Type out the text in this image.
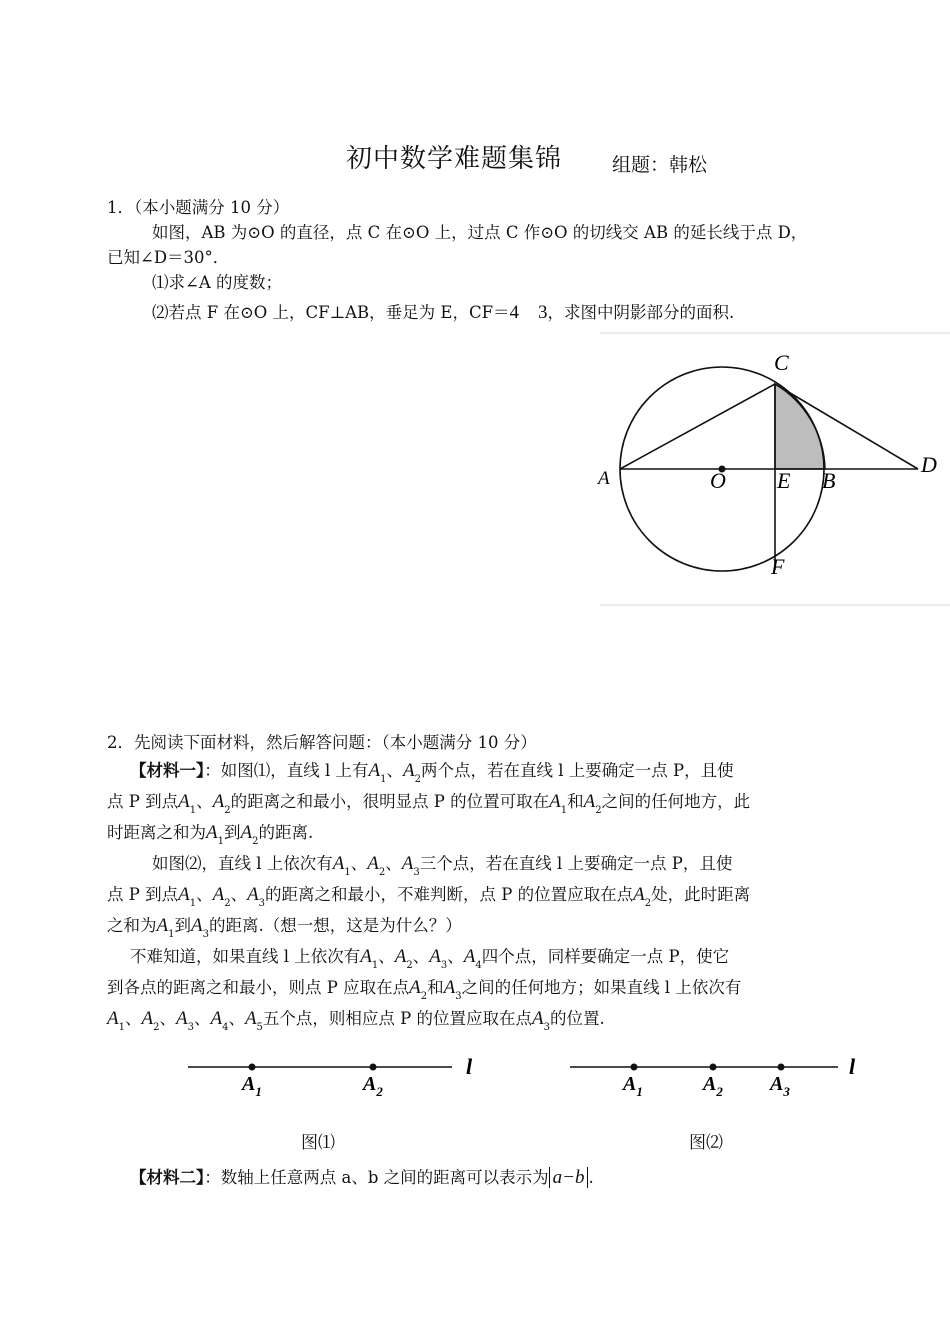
初中数学难题集锦	组题：韩松
1．（本小题满分 10 分）
如图，AB 为⊙O 的直径，点 C 在⊙O 上，过点 C 作⊙O 的切线交 AB 的延长线于点 D，
已知∠D＝30°．
⑴求∠A 的度数；
⑵若点 F 在⊙O 上，CF⊥AB，垂足为 E，CF＝4　3，求图中阴影部分的面积.
A	O E B
C
D
F
2．先阅读下面材料，然后解答问题：（本小题满分 10 分）
【材料一】：如图⑴，直线 l 上有$A_1$、$A_2$两个点，若在直线 l 上要确定一点 P，且使
点 P 到点$A_1$、$A_2$的距离之和最小，很明显点 P 的位置可取在$A_1$和$A_2$之间的任何地方，此
时距离之和为$A_1$到$A_2$的距离.
如图⑵，直线 l 上依次有$A_1$、$A_2$、$A_3$三个点，若在直线 l 上要确定一点 P，且使
点 P 到点$A_1$、$A_2$、$A_3$的距离之和最小，不难判断，点 P 的位置应取在点$A_2$处，此时距离
之和为$A_1$到$A_3$的距离.（想一想，这是为什么？）
不难知道，如果直线 l 上依次有$A_1$、$A_2$、$A_3$、$A_4$四个点，同样要确定一点 P，使它
到各点的距离之和最小，则点 P 应取在点$A_2$和$A_3$之间的任何地方；如果直线 l 上依次有
$A_1$、$A_2$、$A_3$、$A_4$、$A_5$五个点，则相应点 P 的位置应取在点$A_3$的位置.
l
$A_1$	$A_2$
图⑴
l
$A_1$	$A_2$ $A_3$
图⑵
【材料二】：数轴上任意两点 a、b 之间的距离可以表示为 a−b .
